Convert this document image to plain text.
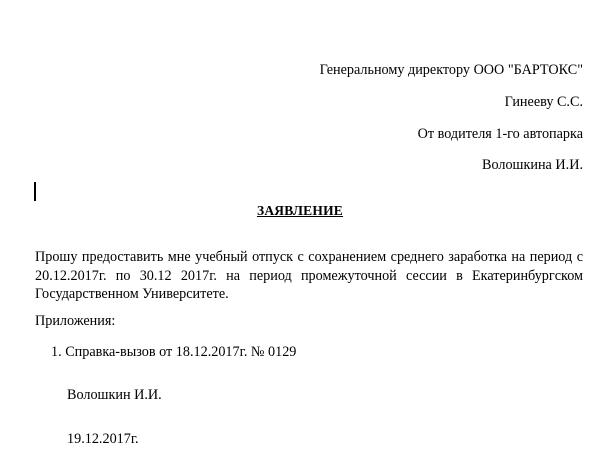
Генеральному директору ООО "БАРТОКС"
Гинееву С.С.
От водителя 1-го автопарка
Волошкина И.И.
ЗАЯВЛЕНИЕ
Прошу предоставить мне учебный отпуск с сохранением среднего заработка на период с 20.12.2017г. по 30.12 2017г. на период промежуточной сессии в Екатеринбургском Государственном Университете.
Приложения:
1. Справка-вызов от 18.12.2017г. № 0129
Волошкин И.И.
19.12.2017г.
